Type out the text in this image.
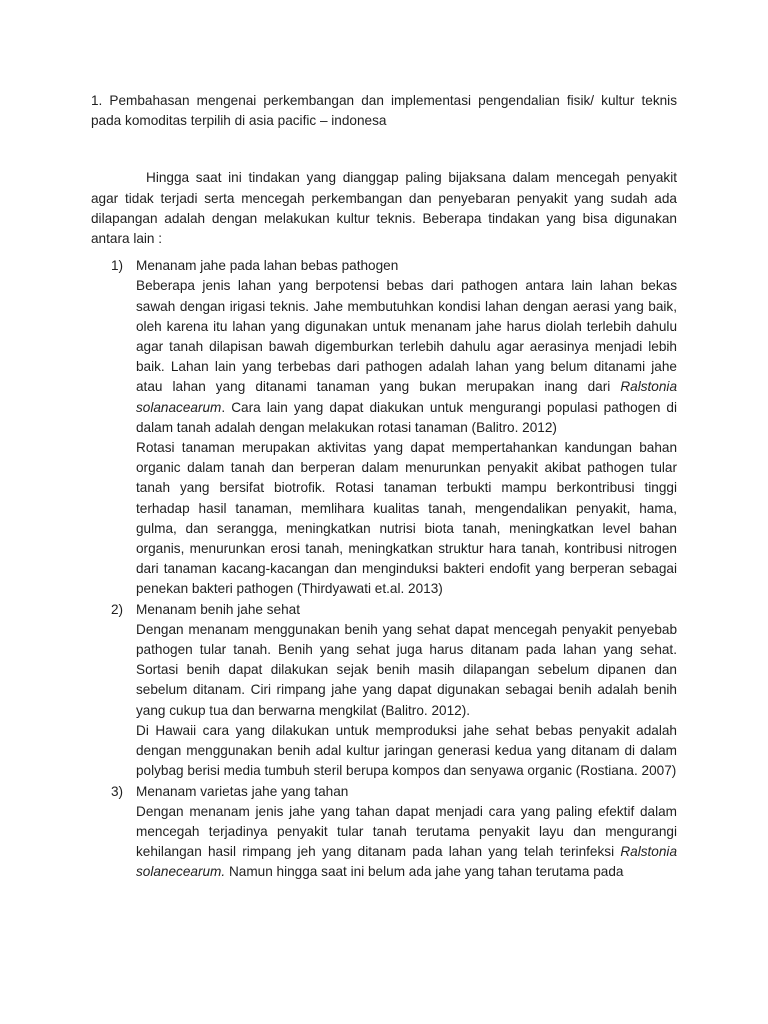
1. Pembahasan mengenai perkembangan dan implementasi pengendalian fisik/ kultur teknis pada komoditas terpilih di asia pacific – indonesa

Hingga saat ini tindakan yang dianggap paling bijaksana dalam mencegah penyakit agar tidak terjadi serta mencegah perkembangan dan penyebaran penyakit yang sudah ada dilapangan adalah dengan melakukan kultur teknis. Beberapa tindakan yang bisa digunakan antara lain :

1) Menanam jahe pada lahan bebas pathogen

Beberapa jenis lahan yang berpotensi bebas dari pathogen antara lain lahan bekas sawah dengan irigasi teknis. Jahe membutuhkan kondisi lahan dengan aerasi yang baik, oleh karena itu lahan yang digunakan untuk menanam jahe harus diolah terlebih dahulu agar tanah dilapisan bawah digemburkan terlebih dahulu agar aerasinya menjadi lebih baik. Lahan lain yang terbebas dari pathogen adalah lahan yang belum ditanami jahe atau lahan yang ditanami tanaman yang bukan merupakan inang dari Ralstonia solanacearum. Cara lain yang dapat diakukan untuk mengurangi populasi pathogen di dalam tanah adalah dengan melakukan rotasi tanaman (Balitro. 2012)

Rotasi tanaman merupakan aktivitas yang dapat mempertahankan kandungan bahan organic dalam tanah dan berperan dalam menurunkan penyakit akibat pathogen tular tanah yang bersifat biotrofik. Rotasi tanaman terbukti mampu berkontribusi tinggi terhadap hasil tanaman, memlihara kualitas tanah, mengendalikan penyakit, hama, gulma, dan serangga, meningkatkan nutrisi biota tanah, meningkatkan level bahan organis, menurunkan erosi tanah, meningkatkan struktur hara tanah, kontribusi nitrogen dari tanaman kacang-kacangan dan menginduksi bakteri endofit yang berperan sebagai penekan bakteri pathogen (Thirdyawati et.al. 2013)

2) Menanam benih jahe sehat

Dengan menanam menggunakan benih yang sehat dapat mencegah penyakit penyebab pathogen tular tanah. Benih yang sehat juga harus ditanam pada lahan yang sehat. Sortasi benih dapat dilakukan sejak benih masih dilapangan sebelum dipanen dan sebelum ditanam. Ciri rimpang jahe yang dapat digunakan sebagai benih adalah benih yang cukup tua dan berwarna mengkilat (Balitro. 2012).

Di Hawaii cara yang dilakukan untuk memproduksi jahe sehat bebas penyakit adalah dengan menggunakan benih adal kultur jaringan generasi kedua yang ditanam di dalam polybag berisi media tumbuh steril berupa kompos dan senyawa organic (Rostiana. 2007)

3) Menanam varietas jahe yang tahan

Dengan menanam jenis jahe yang tahan dapat menjadi cara yang paling efektif dalam mencegah terjadinya penyakit tular tanah terutama penyakit layu dan mengurangi kehilangan hasil rimpang jeh yang ditanam pada lahan yang telah terinfeksi Ralstonia solanecearum. Namun hingga saat ini belum ada jahe yang tahan terutama pada
